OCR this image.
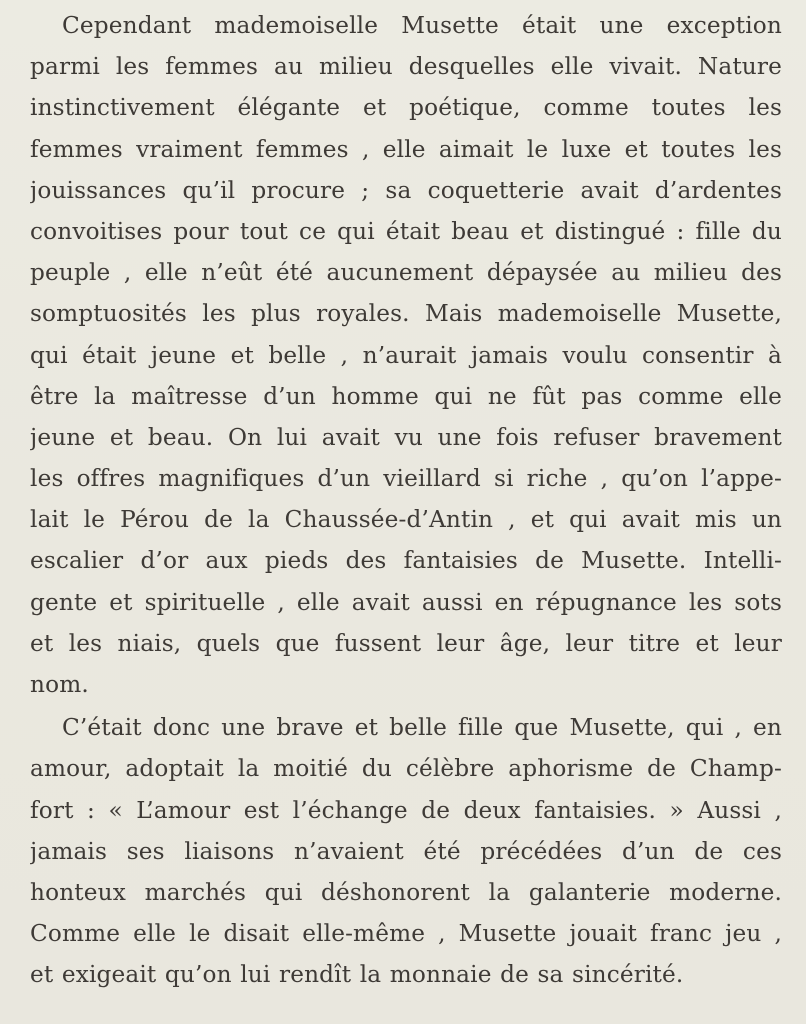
Cependant mademoiselle Musette était une exception
parmi les femmes au milieu desquelles elle vivait. Nature
instinctivement élégante et poétique, comme toutes les
femmes vraiment femmes , elle aimait le luxe et toutes les
jouissances qu’il procure ; sa coquetterie avait d’ardentes
convoitises pour tout ce qui était beau et distingué : fille du
peuple , elle n’eût été aucunement dépaysée au milieu des
somptuosités les plus royales. Mais mademoiselle Musette,
qui était jeune et belle , n’aurait jamais voulu consentir à
être la maîtresse d’un homme qui ne fût pas comme elle
jeune et beau. On lui avait vu une fois refuser bravement
les offres magnifiques d’un vieillard si riche , qu’on l’appe-
lait le Pérou de la Chaussée-d’Antin , et qui avait mis un
escalier d’or aux pieds des fantaisies de Musette. Intelli-
gente et spirituelle , elle avait aussi en répugnance les sots
et les niais, quels que fussent leur âge, leur titre et leur
nom.
C’était donc une brave et belle fille que Musette, qui , en
amour, adoptait la moitié du célèbre aphorisme de Champ-
fort : « L’amour est l’échange de deux fantaisies. » Aussi ,
jamais ses liaisons n’avaient été précédées d’un de ces
honteux marchés qui déshonorent la galanterie moderne.
Comme elle le disait elle-même , Musette jouait franc jeu ,
et exigeait qu’on lui rendît la monnaie de sa sincérité.
